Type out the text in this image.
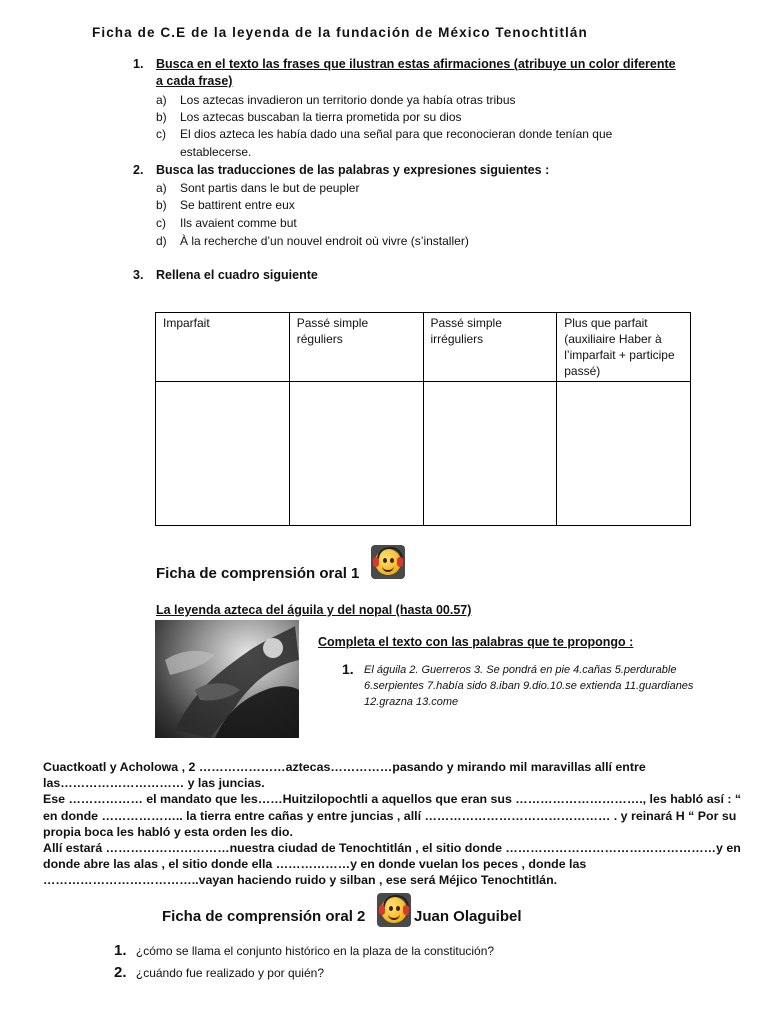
Ficha de C.E de la leyenda de la fundación de México Tenochtitlán
1. Busca en el texto las frases que ilustran estas afirmaciones (atribuye un color diferente
a cada frase)
a) Los aztecas invadieron un territorio donde ya había otras tribus
b) Los aztecas buscaban la tierra prometida por su dios
c) El dios azteca les había dado una señal para que reconocieran donde tenían que
establecerse.
2. Busca las traducciones de las palabras y expresiones siguientes :
a) Sont partis dans le but de peupler
b) Se battirent entre eux
c) Ils avaient comme but
d) À la recherche d’un nouvel endroit où vivre (s’installer)
3. Rellena el cuadro siguiente
Imparfait	Passé simple réguliers	Passé simple irréguliers	Plus que parfait (auxiliaire Haber à l’imparfait + participe passé)

Ficha de comprensión oral 1
La leyenda azteca del águila y del nopal (hasta 00.57)
Completa el texto con las palabras que te propongo :
1. El águila 2. Guerreros 3. Se pondrá en pie 4.cañas 5.perdurable
6.serpientes 7.había sido 8.iban 9.dio.10.se extienda 11.guardianes
12.grazna 13.come

Cuactkoatl y Acholowa , 2 …………………aztecas……………pasando y mirando mil maravillas allí entre las………………………… y las juncias.

Ese ……………… el mandato que les……Huitzilopochtli a aquellos que eran sus …………………………., les habló así : “ en donde ……………….. la tierra entre cañas y entre juncias , allí ……………………………………… . y reinará H “ Por su propia boca les habló y esta orden les dio.

Allí estará …………………………nuestra ciudad de Tenochtitlán , el sitio donde ……………………………………………y en donde abre las alas , el sitio donde ella ………………y en donde vuelan los peces , donde las ………………………………..vayan haciendo ruido y silban , ese será Méjico Tenochtitlán.

Ficha de comprensión oral 2	Juan Olaguibel
1. ¿cómo se llama el conjunto histórico en la plaza de la constitución?
2. ¿cuándo fue realizado y por quién?
